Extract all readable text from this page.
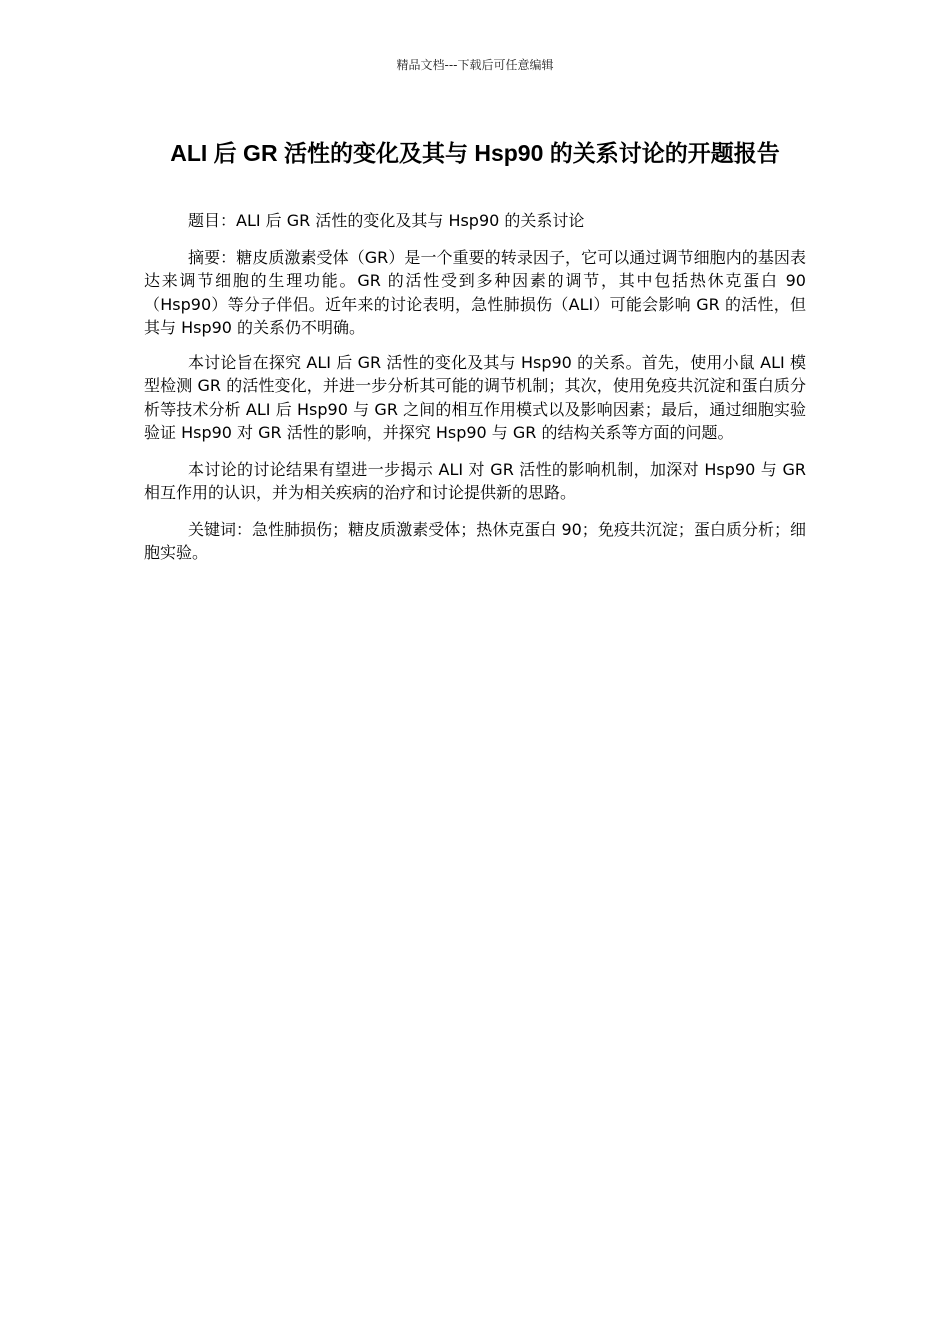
精品文档---下载后可任意编辑
ALI 后 GR 活性的变化及其与 Hsp90 的关系讨论的开题报告

题目：ALI 后 GR 活性的变化及其与 Hsp90 的关系讨论

摘要：糖皮质激素受体（GR）是一个重要的转录因子，它可以通过调节细胞内的基因表达来调节细胞的生理功能。GR 的活性受到多种因素的调节，其中包括热休克蛋白 90（Hsp90）等分子伴侣。近年来的讨论表明，急性肺损伤（ALI）可能会影响 GR 的活性，但其与 Hsp90 的关系仍不明确。

本讨论旨在探究 ALI 后 GR 活性的变化及其与 Hsp90 的关系。首先，使用小鼠 ALI 模型检测 GR 的活性变化，并进一步分析其可能的调节机制；其次，使用免疫共沉淀和蛋白质分析等技术分析 ALI 后 Hsp90 与 GR 之间的相互作用模式以及影响因素；最后，通过细胞实验验证 Hsp90 对 GR 活性的影响，并探究 Hsp90 与 GR 的结构关系等方面的问题。

本讨论的讨论结果有望进一步揭示 ALI 对 GR 活性的影响机制，加深对 Hsp90 与 GR 相互作用的认识，并为相关疾病的治疗和讨论提供新的思路。

关键词：急性肺损伤；糖皮质激素受体；热休克蛋白 90；免疫共沉淀；蛋白质分析；细胞实验。
